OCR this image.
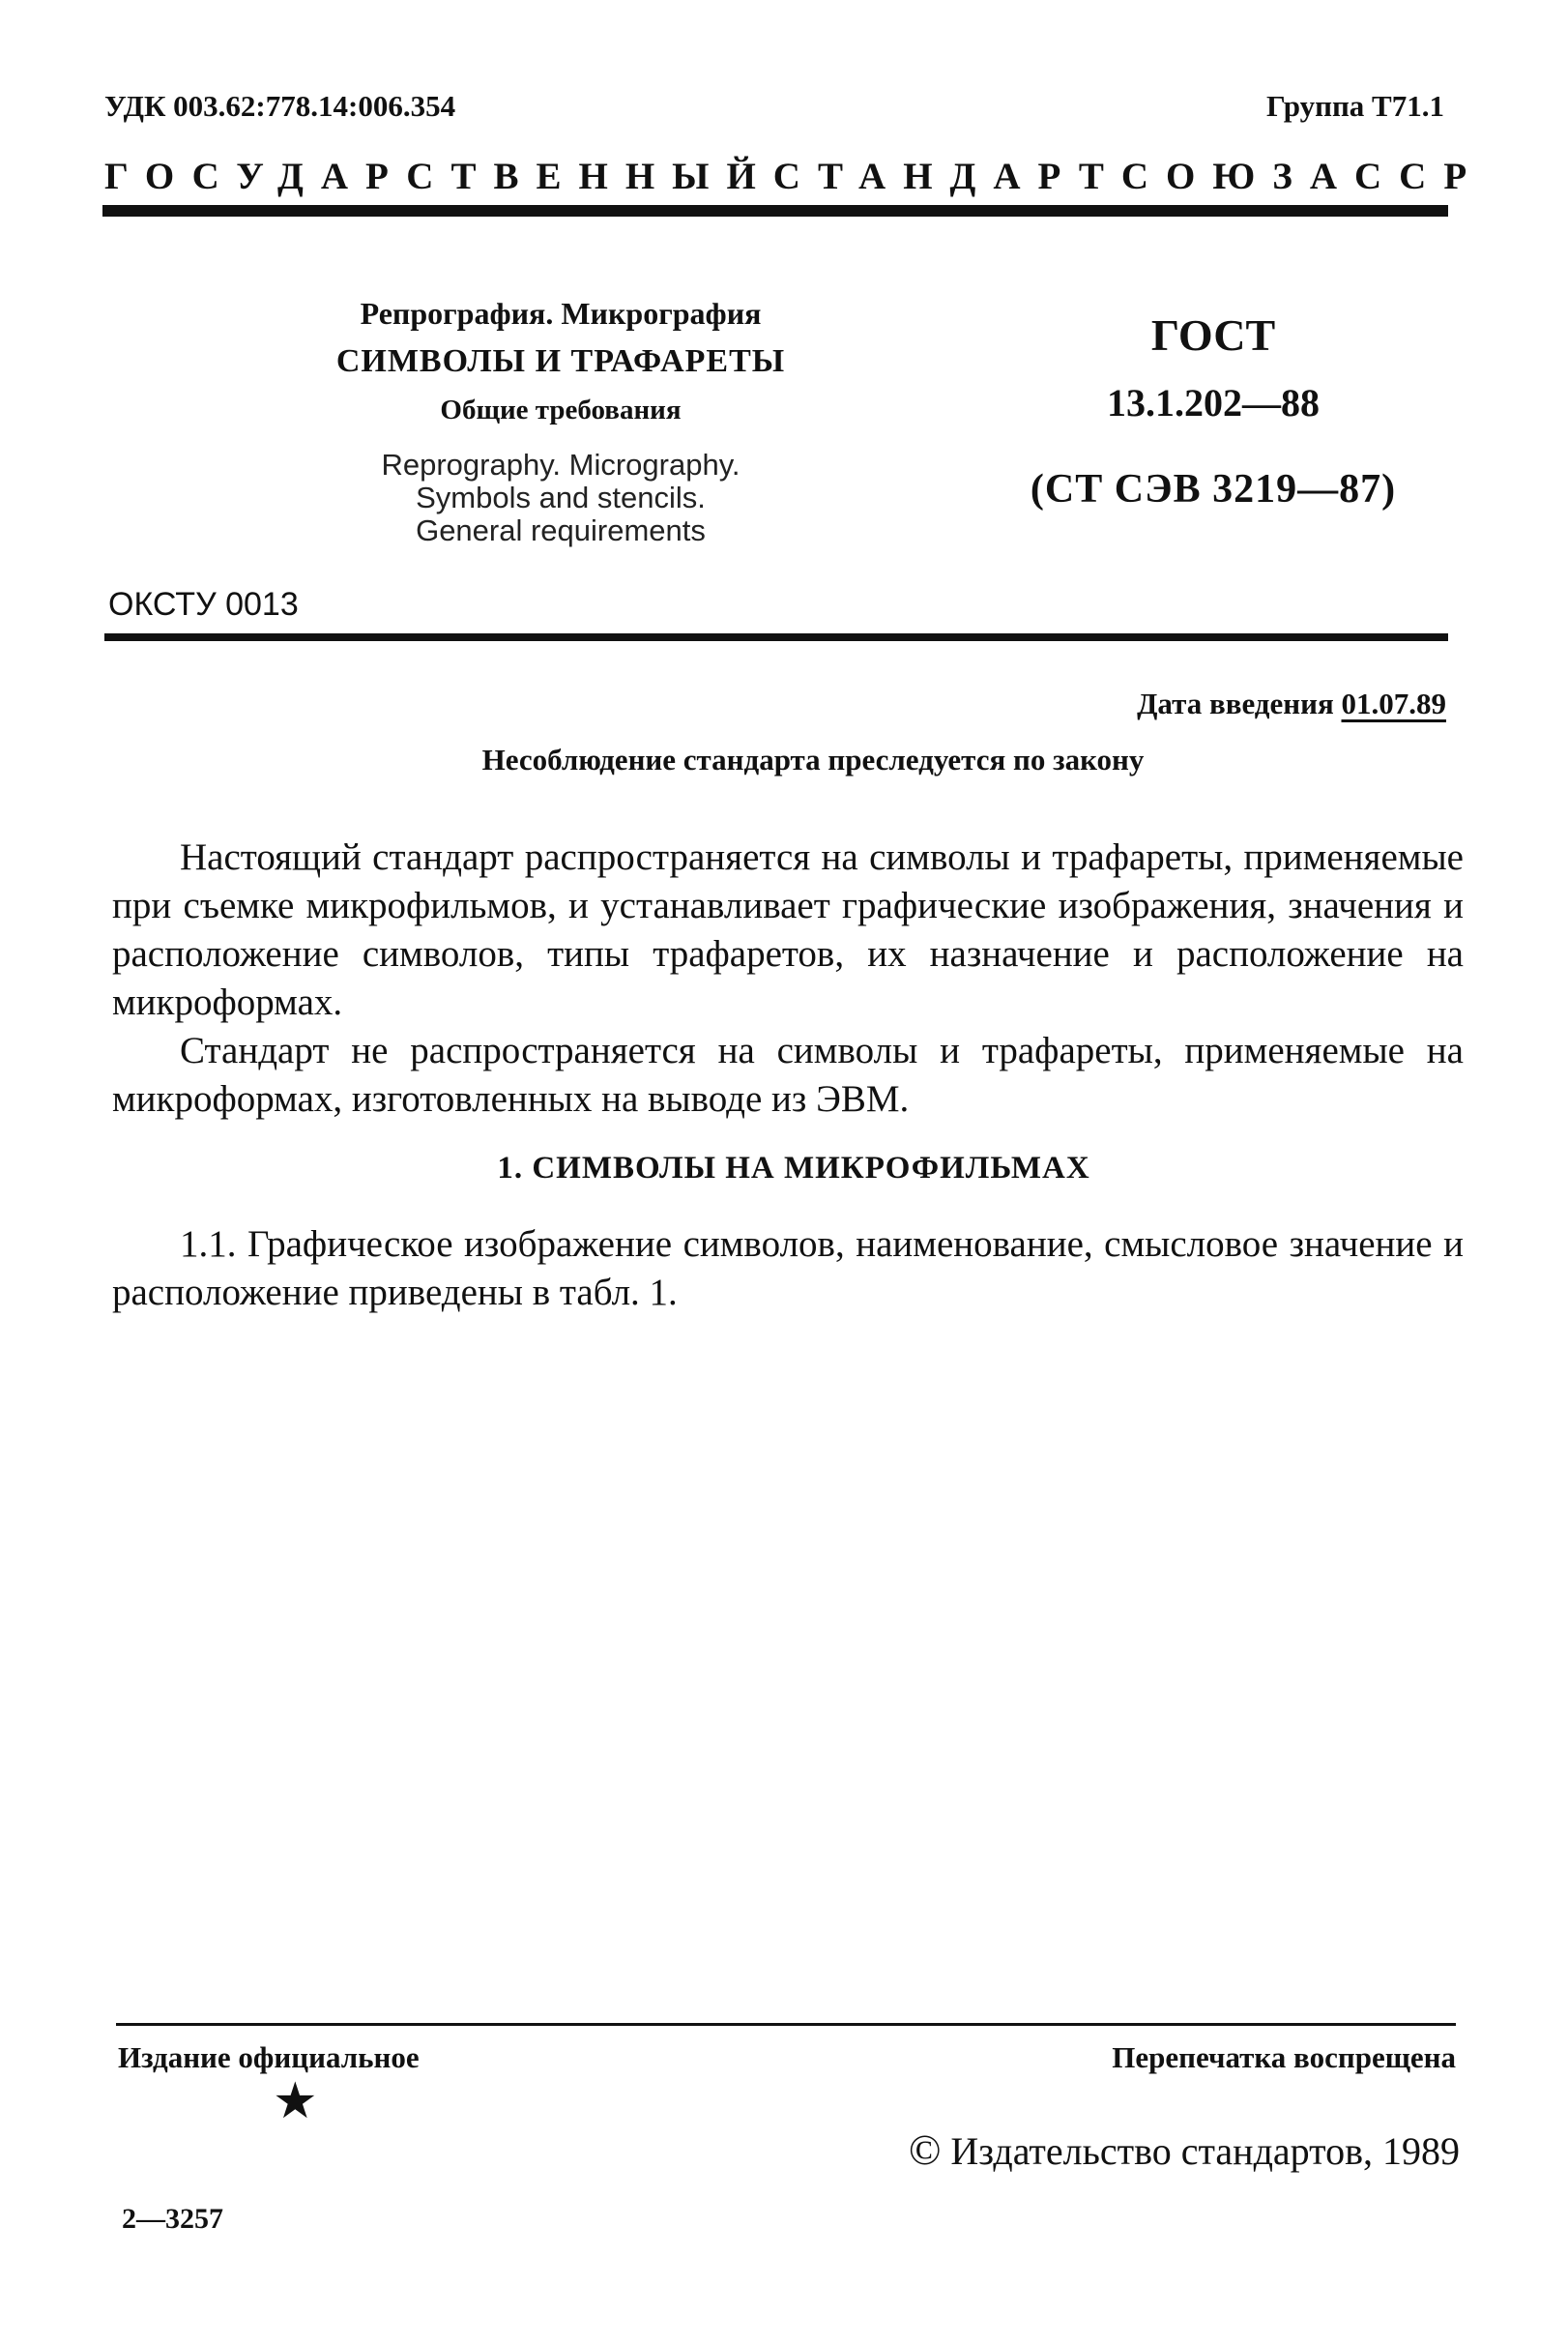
УДК 003.62:778.14:006.354	Группа Т71.1
ГОСУДАРСТВЕННЫЙ СТАНДАРТ СОЮЗА ССР
Репрография. Микрография
СИМВОЛЫ И ТРАФАРЕТЫ
Общие требования
Reprography. Micrography.
Symbols and stencils.
General requirements
ГОСТ
13.1.202—88
(СТ СЭВ 3219—87)
ОКСТУ 0013
Дата введения 01.07.89
Несоблюдение стандарта преследуется по закону
Настоящий стандарт распространяется на символы и трафареты, применяемые при съемке микрофильмов, и устанавливает графические изображения, значения и расположение символов, типы трафаретов, их назначение и расположение на микроформах.
Стандарт не распространяется на символы и трафареты, применяемые на микроформах, изготовленных на выводе из ЭВМ.
1. СИМВОЛЫ НА МИКРОФИЛЬМАХ
1.1. Графическое изображение символов, наименование, смысловое значение и расположение приведены в табл. 1.
Издание официальное	Перепечатка воспрещена
★
© Издательство стандартов, 1989
2—3257
